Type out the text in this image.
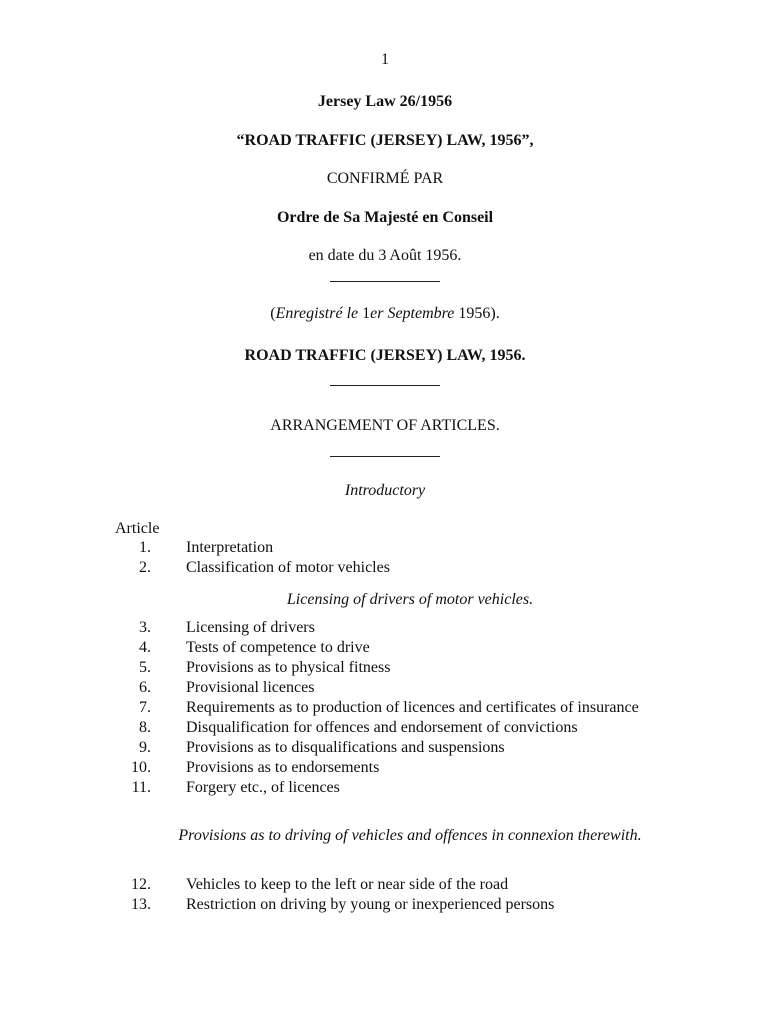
1
Jersey Law 26/1956
“ROAD TRAFFIC (JERSEY) LAW, 1956”,
CONFIRMÉ PAR
Ordre de Sa Majesté en Conseil
en date du 3 Août 1956.
(Enregistré le 1er Septembre 1956).
ROAD TRAFFIC (JERSEY) LAW, 1956.
ARRANGEMENT OF ARTICLES.
Introductory
Article
1. Interpretation
2. Classification of motor vehicles
Licensing of drivers of motor vehicles.
3. Licensing of drivers
4. Tests of competence to drive
5. Provisions as to physical fitness
6. Provisional licences
7. Requirements as to production of licences and certificates of insurance
8. Disqualification for offences and endorsement of convictions
9. Provisions as to disqualifications and suspensions
10. Provisions as to endorsements
11. Forgery etc., of licences
Provisions as to driving of vehicles and offences in connexion therewith.
12. Vehicles to keep to the left or near side of the road
13. Restriction on driving by young or inexperienced persons
